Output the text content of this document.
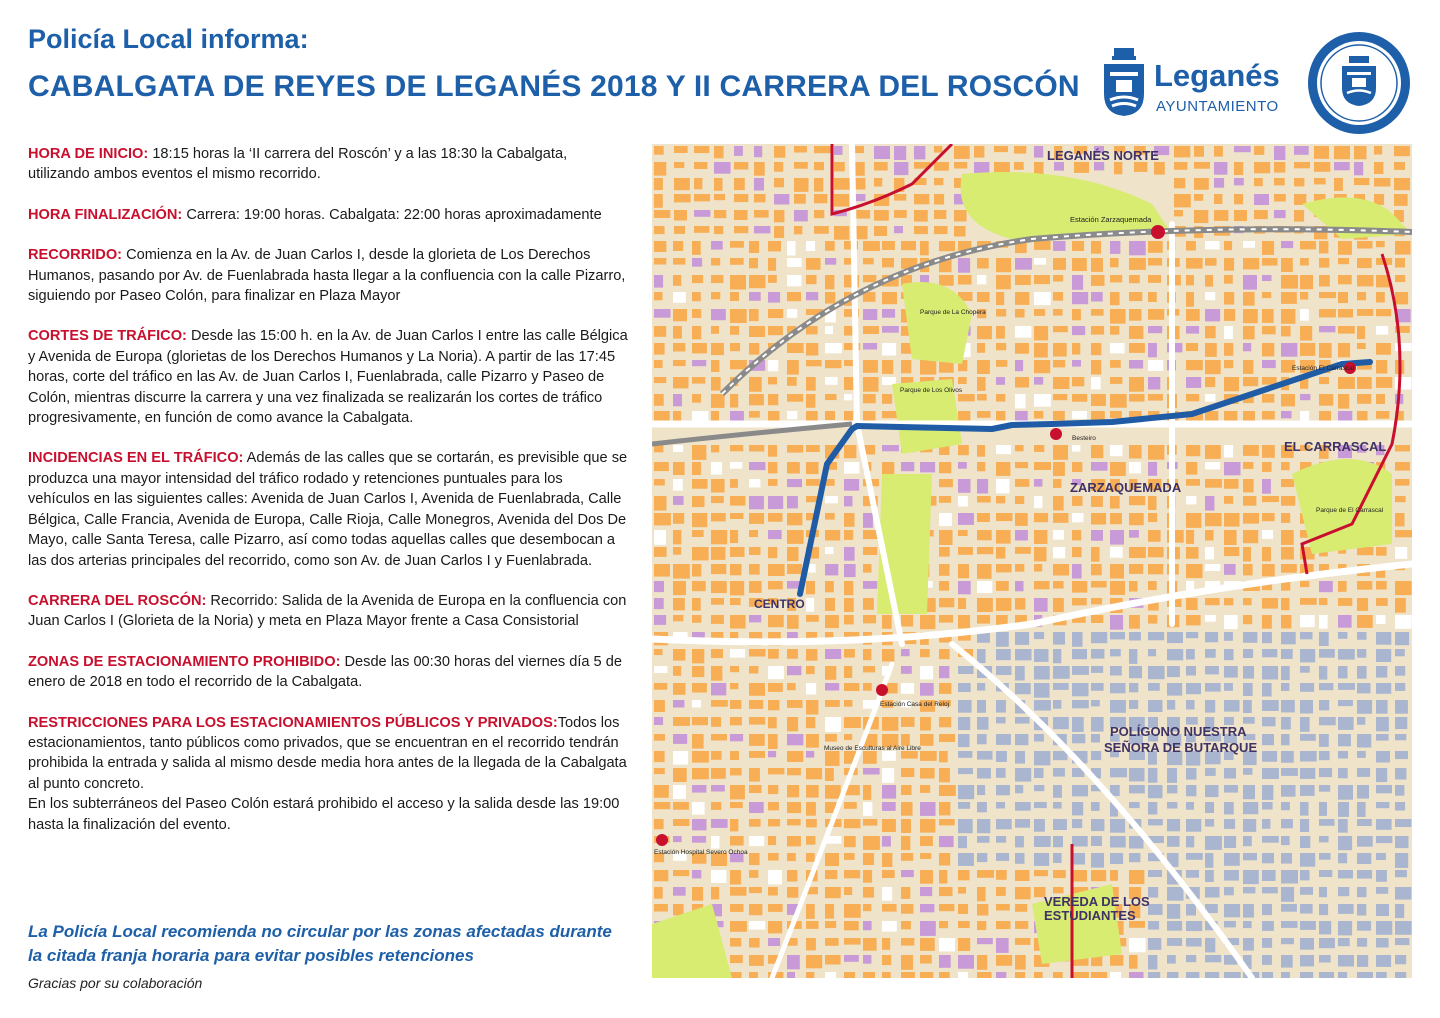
Policía Local informa:
CABALGATA DE REYES DE LEGANÉS 2018 Y II CARRERA DEL ROSCÓN Leganés
AYUNTAMIENTO

HORA DE INICIO: 18:15 horas la ‘II carrera del Roscón’ y a las 18:30 la Cabalgata, utilizando ambos eventos el mismo recorrido.

HORA FINALIZACIÓN: Carrera: 19:00 horas. Cabalgata: 22:00 horas aproximadamente

RECORRIDO: Comienza en la Av. de Juan Carlos I, desde la glorieta de Los Derechos Humanos, pasando por Av. de Fuenlabrada hasta llegar a la confluencia con la calle Pizarro, siguiendo por Paseo Colón, para finalizar en Plaza Mayor

CORTES DE TRÁFICO: Desde las 15:00 h. en la Av. de Juan Carlos I entre las calle Bélgica y Avenida de Europa (glorietas de los Derechos Humanos y La Noria). A partir de las 17:45 horas, corte del tráfico en las Av. de Juan Carlos I, Fuenlabrada, calle Pizarro y Paseo de Colón, mientras discurre la carrera y una vez finalizada se realizarán los cortes de tráfico progresivamente, en función de como avance la Cabalgata.

INCIDENCIAS EN EL TRÁFICO: Además de las calles que se cortarán, es previsible que se produzca una mayor intensidad del tráfico rodado y retenciones puntuales para los vehículos en las siguientes calles: Avenida de Juan Carlos I, Avenida de Fuenlabrada, Calle Bélgica, Calle Francia, Avenida de Europa, Calle Rioja, Calle Monegros, Avenida del Dos De Mayo, calle Santa Teresa, calle Pizarro, así como todas aquellas calles que desembocan a las dos arterias principales del recorrido, como son Av. de Juan Carlos I y Fuenlabrada.

CARRERA DEL ROSCÓN: Recorrido: Salida de la Avenida de Europa en la confluencia con Juan Carlos I (Glorieta de la Noria) y meta en Plaza Mayor frente a Casa Consistorial

ZONAS DE ESTACIONAMIENTO PROHIBIDO: Desde las 00:30 horas del viernes día 5 de enero de 2018 en todo el recorrido de la Cabalgata.

RESTRICCIONES PARA LOS ESTACIONAMIENTOS PÚBLICOS Y PRIVADOS:Todos los estacionamientos, tanto públicos como privados, que se encuentran en el recorrido tendrán prohibida la entrada y salida al mismo desde media hora antes de la llegada de la Cabalgata al punto concreto.
En los subterráneos del Paseo Colón estará prohibido el acceso y la salida desde las 19:00 hasta la finalización del evento.

La Policía Local recomienda no circular por las zonas afectadas durante la citada franja horaria para evitar posibles retenciones
Gracias por su colaboración
LEGANÉS NORTE
ZARZAQUEMADA
EL CARRASCAL
CENTRO
POLÍGONO NUESTRA
SEÑORA DE BUTARQUE
VEREDA DE LOS
ESTUDIANTES
Estación Zarzaquemada
Estación El Carrascal
Estación Casa del Reloj
Estación Hospital Severo Ochoa
Besteiro
Parque de La Chopera
Parque de Los Olivos
Parque de El Carrascal
Museo de Esculturas al Aire Libre
